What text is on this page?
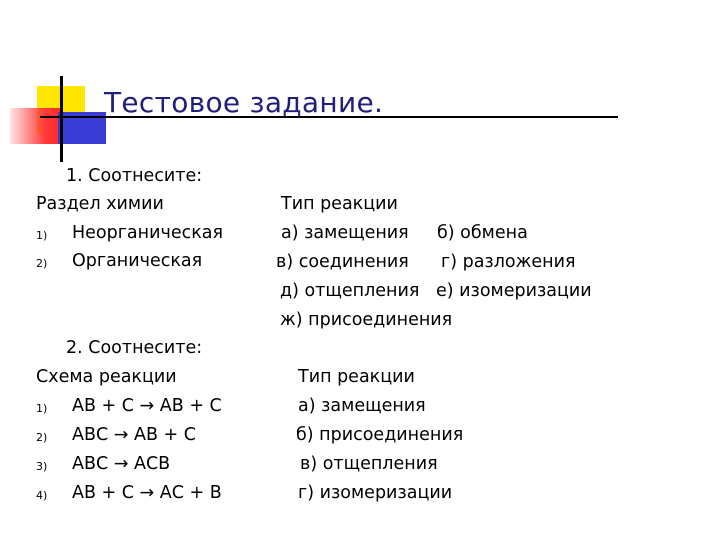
Тестовое задание.
1. Соотнесите:
Раздел химии
1) Неорганическая
2) Органическая
Тип реакции
а) замещения б) обмена
в) соединения г) разложения
д) отщепления е) изомеризации
ж) присоединения
2. Соотнесите:
Схема реакции
1) АВ + С → АВ + С
2) АВС → АВ + С
3) АВС → АСВ
4) АВ + С → АС + В
Тип реакции
а) замещения
б) присоединения
в) отщепления
г) изомеризации
